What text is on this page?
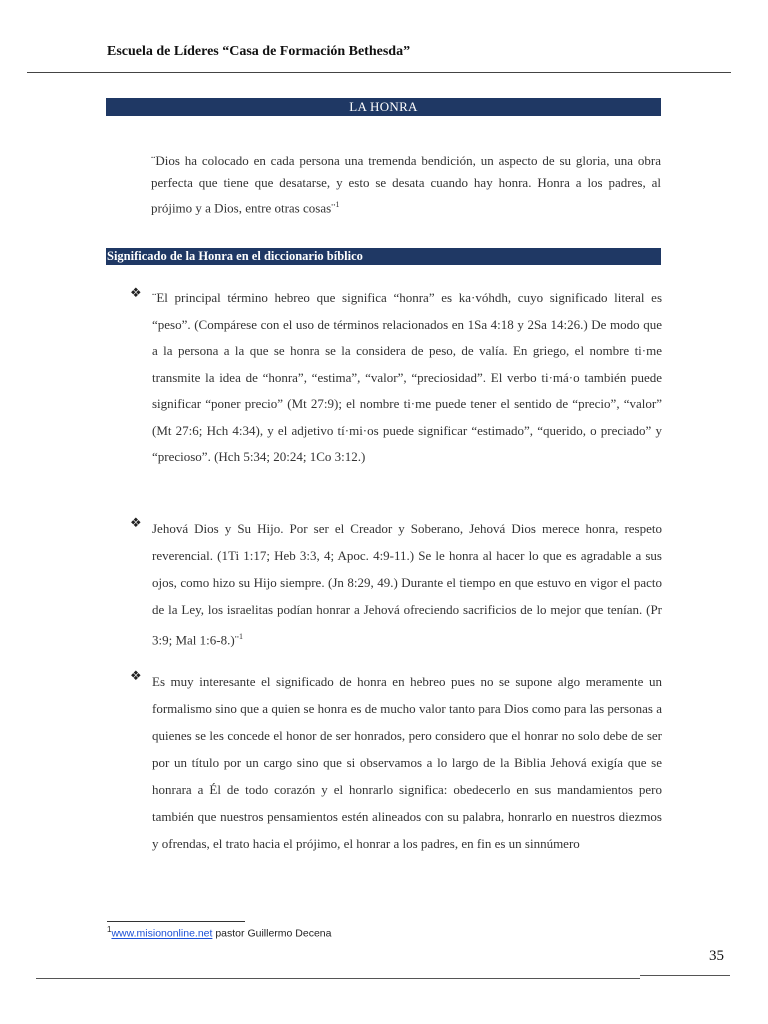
Escuela de Líderes “Casa de Formación Bethesda”
LA HONRA
¨Dios ha colocado en cada persona una tremenda bendición, un aspecto de su gloria, una obra perfecta que tiene que desatarse, y esto se desata cuando hay honra. Honra a los padres, al prójimo y a Dios, entre otras cosas¨$^1$
Significado de la Honra en el diccionario bíblico
❖ ¨El principal término hebreo que significa “honra” es ka·vóhdh, cuyo significado literal es “peso”. (Compárese con el uso de términos relacionados en 1Sa 4:18 y 2Sa 14:26.) De modo que a la persona a la que se honra se la considera de peso, de valía. En griego, el nombre ti·me transmite la idea de “honra”, “estima”, “valor”, “preciosidad”. El verbo ti·má·o también puede significar “poner precio” (Mt 27:9); el nombre ti·me puede tener el sentido de “precio”, “valor” (Mt 27:6; Hch 4:34), y el adjetivo tí·mi·os puede significar “estimado”, “querido, o preciado” y “precioso”. (Hch 5:34; 20:24; 1Co 3:12.)
❖ Jehová Dios y Su Hijo. Por ser el Creador y Soberano, Jehová Dios merece honra, respeto reverencial. (1Ti 1:17; Heb 3:3, 4; Apoc. 4:9-11.) Se le honra al hacer lo que es agradable a sus ojos, como hizo su Hijo siempre. (Jn 8:29, 49.) Durante el tiempo en que estuvo en vigor el pacto de la Ley, los israelitas podían honrar a Jehová ofreciendo sacrificios de lo mejor que tenían. (Pr 3:9; Mal 1:6-8.)¨$^1$
❖ Es muy interesante el significado de honra en hebreo pues no se supone algo meramente un formalismo sino que a quien se honra es de mucho valor tanto para Dios como para las personas a quienes se les concede el honor de ser honrados, pero considero que el honrar no solo debe de ser por un título por un cargo sino que si observamos a lo largo de la Biblia Jehová exigía que se honrara a Él de todo corazón y el honrarlo significa: obedecerlo en sus mandamientos pero también que nuestros pensamientos estén alineados con su palabra, honrarlo en nuestros diezmos y ofrendas, el trato hacia el prójimo, el honrar a los padres, en fin es un sinnúmero
$^1$www.misiononline.net pastor Guillermo Decena
35
